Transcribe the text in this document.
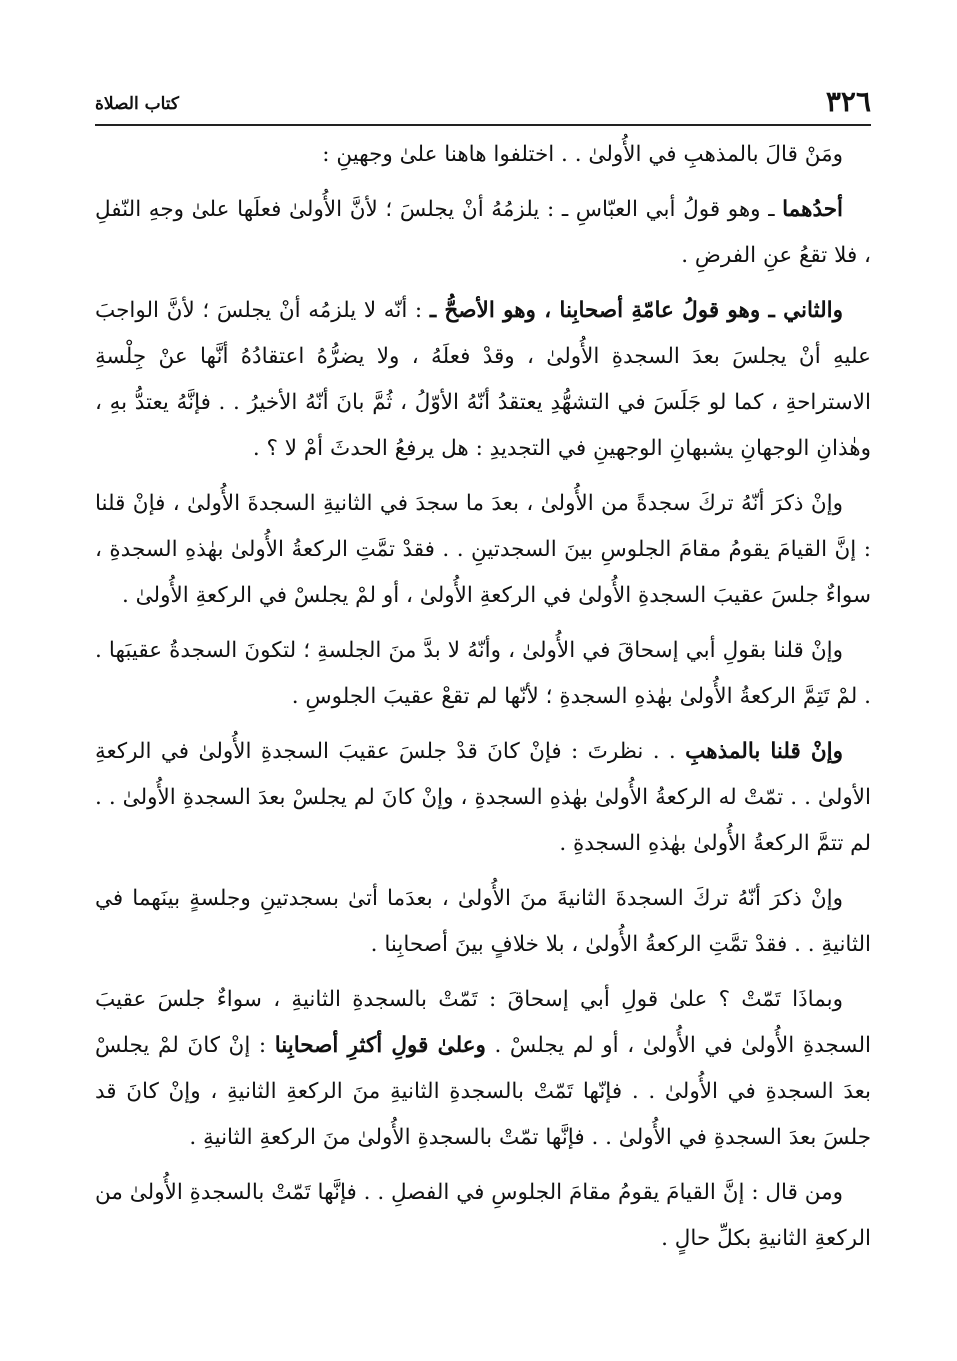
٣٢٦
كتاب الصلاة

ومَنْ قالَ بالمذهبِ في الأُولىٰ . . اختلفوا هاهنا علىٰ وجهينِ :

أحدُهما ـ وهو قولُ أبي العبّاسِ ـ : يلزمُهُ أنْ يجلسَ ؛ لأنَّ الأُولىٰ فعلَها علىٰ وجهِ النّفلِ ، فلا تقعُ عنِ الفرضِ .

والثاني ـ وهو قولُ عامّةِ أصحابِنا ، وهو الأصحُّ ـ : أنّه لا يلزمُه أنْ يجلسَ ؛ لأنَّ الواجبَ عليهِ أنْ يجلسَ بعدَ السجدةِ الأُولىٰ ، وقدْ فعلَهُ ، ولا يضرُّهُ اعتقادُهُ أنَّها عنْ جِلْسةِ الاستراحةِ ، كما لو جَلَسَ في التشهُّدِ يعتقدُ أنّهُ الأوّلُ ، ثُمَّ بانَ أنّهُ الأخيرُ . . فإنَّهُ يعتدُّ بهِ ، وهٰذانِ الوجهانِ يشبهانِ الوجهينِ في التجديدِ : هل يرفعُ الحدثَ أمْ لا ؟ .

وإنْ ذكرَ أنّهُ تركَ سجدةً من الأُولىٰ ، بعدَ ما سجدَ في الثانيةِ السجدةَ الأُولىٰ ، فإنْ قلنا : إنَّ القيامَ يقومُ مقامَ الجلوسِ بينَ السجدتينِ . . فقدْ تمَّتِ الركعةُ الأُولىٰ بهٰذهِ السجدةِ ، سواءٌ جلسَ عقيبَ السجدةِ الأُولىٰ في الركعةِ الأُولىٰ ، أو لمْ يجلسْ في الركعةِ الأُولىٰ .

وإنْ قلنا بقولِ أبي إسحاقَ في الأُولىٰ ، وأنّهُ لا بدَّ منَ الجلسةِ ؛ لتكونَ السجدةُ عقيبَها . . لمْ تَتِمَّ الركعةُ الأُولىٰ بهٰذهِ السجدةِ ؛ لأنّها لم تقعْ عقيبَ الجلوسِ .

وإنْ قلنا بالمذهبِ . . نظرتَ : فإنْ كانَ قدْ جلسَ عقيبَ السجدةِ الأُولىٰ في الركعةِ الأولىٰ . . تمّتْ له الركعةُ الأُولىٰ بهٰذهِ السجدةِ ، وإنْ كانَ لم يجلسْ بعدَ السجدةِ الأُولىٰ . . لم تتمَّ الركعةُ الأُولىٰ بهٰذهِ السجدةِ .

وإنْ ذكرَ أنّهُ تركَ السجدةَ الثانيةَ منَ الأُولىٰ ، بعدَما أتىٰ بسجدتينِ وجلسةٍ بينَهما في الثانيةِ . . فقدْ تمَّتِ الركعةُ الأُولىٰ ، بلا خلافٍ بينَ أصحابِنا .

وبماذَا تَمّتْ ؟ علىٰ قولِ أبي إسحاقَ : تَمّتْ بالسجدةِ الثانيةِ ، سواءٌ جلسَ عقيبَ السجدةِ الأُولىٰ في الأُولىٰ ، أو لم يجلسْ . وعلىٰ قولِ أكثرِ أصحابِنا : إنْ كانَ لمْ يجلسْ بعدَ السجدةِ في الأُولىٰ . . فإنّها تَمّتْ بالسجدةِ الثانيةِ منَ الركعةِ الثانيةِ ، وإنْ كانَ قد جلسَ بعدَ السجدةِ في الأُولىٰ . . فإنَّها تمّتْ بالسجدةِ الأُولىٰ منَ الركعةِ الثانيةِ .

ومن قال : إنَّ القيامَ يقومُ مقامَ الجلوسِ في الفصلِ . . فإنَّها تَمّتْ بالسجدةِ الأُولىٰ من الركعةِ الثانيةِ بكلِّ حالٍ .
